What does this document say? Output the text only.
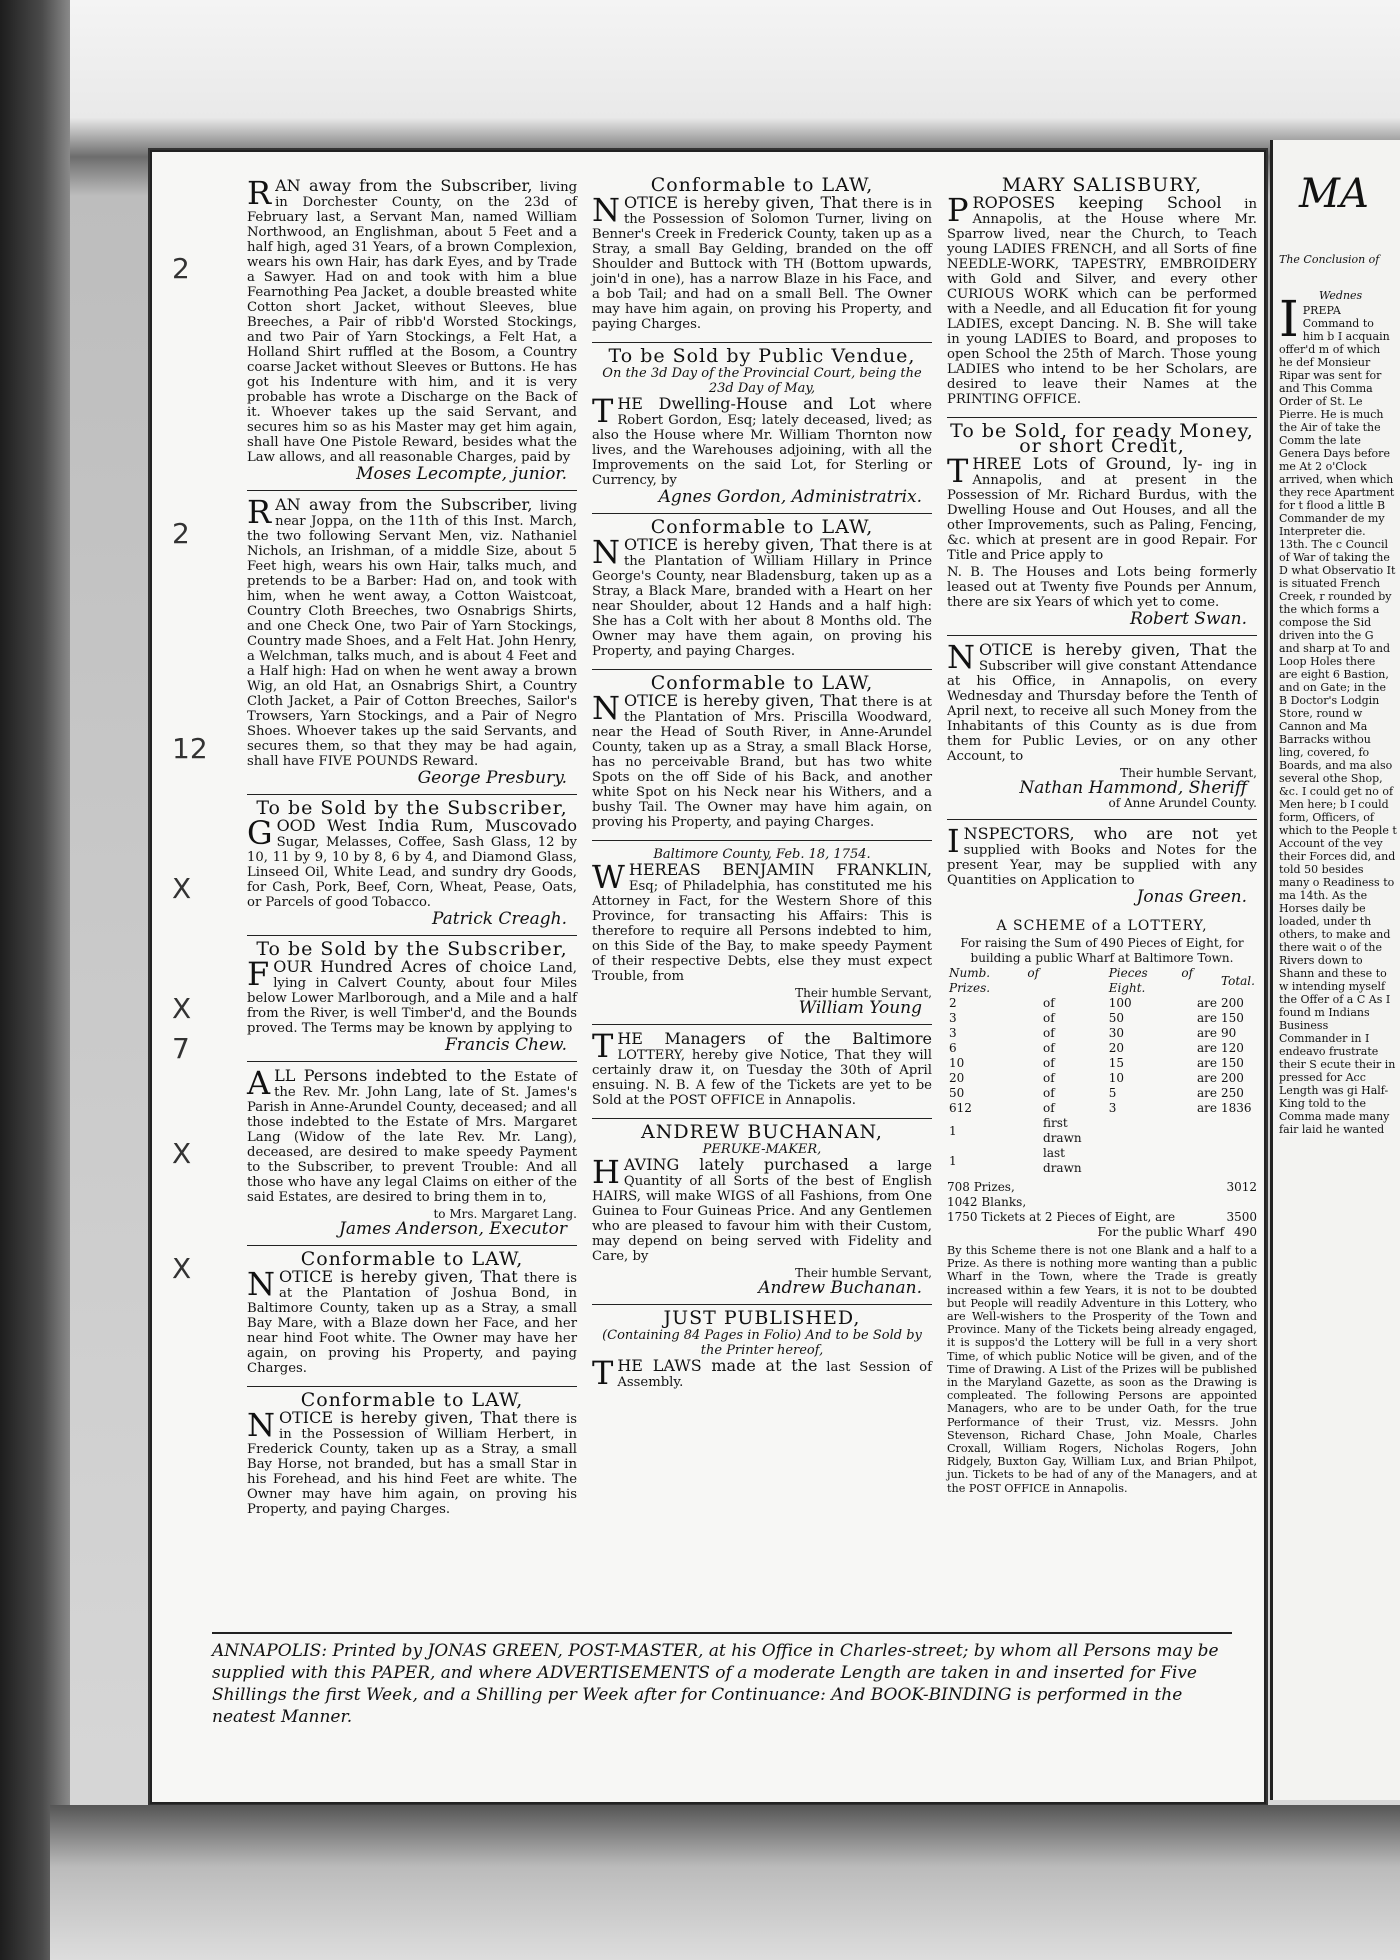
2
2
12
X
X
7
X
X

RAN away from the Subscriber, living in Dorchester County, on the 23d of February last, a Servant Man, named William Northwood, an Englishman, about 5 Feet and a half high, aged 31 Years, of a brown Complexion, wears his own Hair, has dark Eyes, and by Trade a Sawyer. Had on and took with him a blue Fearnothing Pea Jacket, a double breasted white Cotton short Jacket, without Sleeves, blue Breeches, a Pair of ribb'd Worsted Stockings, and two Pair of Yarn Stockings, a Felt Hat, a Holland Shirt ruffled at the Bosom, a Country coarse Jacket without Sleeves or Buttons. He has got his Indenture with him, and it is very probable has wrote a Discharge on the Back of it. Whoever takes up the said Servant, and secures him so as his Master may get him again, shall have One Pistole Reward, besides what the Law allows, and all reasonable Charges, paid by

Moses Lecompte, junior.

RAN away from the Subscriber, living near Joppa, on the 11th of this Inst. March, the two following Servant Men, viz. Nathaniel Nichols, an Irishman, of a middle Size, about 5 Feet high, wears his own Hair, talks much, and pretends to be a Barber: Had on, and took with him, when he went away, a Cotton Waistcoat, Country Cloth Breeches, two Osnabrigs Shirts, and one Check One, two Pair of Yarn Stockings, Country made Shoes, and a Felt Hat. John Henry, a Welchman, talks much, and is about 4 Feet and a Half high: Had on when he went away a brown Wig, an old Hat, an Osnabrigs Shirt, a Country Cloth Jacket, a Pair of Cotton Breeches, Sailor's Trowsers, Yarn Stockings, and a Pair of Negro Shoes. Whoever takes up the said Servants, and secures them, so that they may be had again, shall have FIVE POUNDS Reward.

George Presbury.
To be Sold by the Subscriber,

GOOD West India Rum, Muscovado Sugar, Melasses, Coffee, Sash Glass, 12 by 10, 11 by 9, 10 by 8, 6 by 4, and Diamond Glass, Linseed Oil, White Lead, and sundry dry Goods, for Cash, Pork, Beef, Corn, Wheat, Pease, Oats, or Parcels of good Tobacco.

Patrick Creagh.
To be Sold by the Subscriber,

FOUR Hundred Acres of choice Land, lying in Calvert County, about four Miles below Lower Marlborough, and a Mile and a half from the River, is well Timber'd, and the Bounds proved. The Terms may be known by applying to

Francis Chew.

ALL Persons indebted to the Estate of the Rev. Mr. John Lang, late of St. James's Parish in Anne-Arundel County, deceased; and all those indebted to the Estate of Mrs. Margaret Lang (Widow of the late Rev. Mr. Lang), deceased, are desired to make speedy Payment to the Subscriber, to prevent Trouble: And all those who have any legal Claims on either of the said Estates, are desired to bring them in to,

to Mrs. Margaret Lang.
James Anderson, Executor
Conformable to LAW,

NOTICE is hereby given, That there is at the Plantation of Joshua Bond, in Baltimore County, taken up as a Stray, a small Bay Mare, with a Blaze down her Face, and her near hind Foot white. The Owner may have her again, on proving his Property, and paying Charges.

Conformable to LAW,

NOTICE is hereby given, That there is in the Possession of William Herbert, in Frederick County, taken up as a Stray, a small Bay Horse, not branded, but has a small Star in his Forehead, and his hind Feet are white. The Owner may have him again, on proving his Property, and paying Charges.

Conformable to LAW,

NOTICE is hereby given, That there is in the Possession of Solomon Turner, living on Benner's Creek in Frederick County, taken up as a Stray, a small Bay Gelding, branded on the off Shoulder and Buttock with TH (Bottom upwards, join'd in one), has a narrow Blaze in his Face, and a bob Tail; and had on a small Bell. The Owner may have him again, on proving his Property, and paying Charges.

To be Sold by Public Vendue,
On the 3d Day of the Provincial Court, being the 23d Day of May,

THE Dwelling-House and Lot where Robert Gordon, Esq; lately deceased, lived; as also the House where Mr. William Thornton now lives, and the Warehouses adjoining, with all the Improvements on the said Lot, for Sterling or Currency, by

Agnes Gordon, Administratrix.
Conformable to LAW,

NOTICE is hereby given, That there is at the Plantation of William Hillary in Prince George's County, near Bladensburg, taken up as a Stray, a Black Mare, branded with a Heart on her near Shoulder, about 12 Hands and a half high: She has a Colt with her about 8 Months old. The Owner may have them again, on proving his Property, and paying Charges.

Conformable to LAW,

NOTICE is hereby given, That there is at the Plantation of Mrs. Priscilla Woodward, near the Head of South River, in Anne-Arundel County, taken up as a Stray, a small Black Horse, has no perceivable Brand, but has two white Spots on the off Side of his Back, and another white Spot on his Neck near his Withers, and a bushy Tail. The Owner may have him again, on proving his Property, and paying Charges.

Baltimore County, Feb. 18, 1754.

WHEREAS BENJAMIN FRANKLIN, Esq; of Philadelphia, has constituted me his Attorney in Fact, for the Western Shore of this Province, for transacting his Affairs: This is therefore to require all Persons indebted to him, on this Side of the Bay, to make speedy Payment of their respective Debts, else they must expect Trouble, from

Their humble Servant,
William Young

THE Managers of the Baltimore LOTTERY, hereby give Notice, That they will certainly draw it, on Tuesday the 30th of April ensuing. N. B. A few of the Tickets are yet to be Sold at the POST OFFICE in Annapolis.

ANDREW BUCHANAN,
PERUKE-MAKER,

HAVING lately purchased a large Quantity of all Sorts of the best of English HAIRS, will make WIGS of all Fashions, from One Guinea to Four Guineas Price. And any Gentlemen who are pleased to favour him with their Custom, may depend on being served with Fidelity and Care, by

Their humble Servant,
Andrew Buchanan.
JUST PUBLISHED,
(Containing 84 Pages in Folio) And to be Sold by the Printer hereof,

THE LAWS made at the last Session of Assembly.

MARY SALISBURY,

PROPOSES keeping School in Annapolis, at the House where Mr. Sparrow lived, near the Church, to Teach young LADIES FRENCH, and all Sorts of fine NEEDLE-WORK, TAPESTRY, EMBROIDERY with Gold and Silver, and every other CURIOUS WORK which can be performed with a Needle, and all Education fit for young LADIES, except Dancing. N. B. She will take in young LADIES to Board, and proposes to open School the 25th of March. Those young LADIES who intend to be her Scholars, are desired to leave their Names at the PRINTING OFFICE.

To be Sold, for ready Money, or short Credit,

THREE Lots of Ground, ly- ing in Annapolis, and at present in the Possession of Mr. Richard Burdus, with the Dwelling House and Out Houses, and all the other Improvements, such as Paling, Fencing, &c. which at present are in good Repair. For Title and Price apply to

N. B. The Houses and Lots being formerly leased out at Twenty five Pounds per Annum, there are six Years of which yet to come.

Robert Swan.

NOTICE is hereby given, That the Subscriber will give constant Attendance at his Office, in Annapolis, on every Wednesday and Thursday before the Tenth of April next, to receive all such Money from the Inhabitants of this County as is due from them for Public Levies, or on any other Account, to

Their humble Servant,
Nathan Hammond, Sheriff
of Anne Arundel County.

INSPECTORS, who are not yet supplied with Books and Notes for the present Year, may be supplied with any Quantities on Application to

Jonas Green.
A SCHEME of a LOTTERY,
For raising the Sum of 490 Pieces of Eight, for building a public Wharf at Baltimore Town.
Numb. of Prizes.		Pieces of Eight.		Total.
2	of	100	are	200
3	of	50	are	150
3	of	30	are	90
6	of	20	are	120
10	of	15	are	150
20	of	10	are	200
50	of	5	are	250
612	of	3	are	1836
1	first drawn			
1	last drawn			
708 Prizes,	3012
1042 Blanks,
1750 Tickets at 2 Pieces of Eight, are	3500
For the public Wharf 490
By this Scheme there is not one Blank and a half to a Prize. As there is nothing more wanting than a public Wharf in the Town, where the Trade is greatly increased within a few Years, it is not to be doubted but People will readily Adventure in this Lottery, who are Well-wishers to the Prosperity of the Town and Province. Many of the Tickets being already engaged, it is suppos'd the Lottery will be full in a very short Time, of which public Notice will be given, and of the Time of Drawing. A List of the Prizes will be published in the Maryland Gazette, as soon as the Drawing is compleated. The following Persons are appointed Managers, who are to be under Oath, for the true Performance of their Trust, viz. Messrs. John Stevenson, Richard Chase, John Moale, Charles Croxall, William Rogers, Nicholas Rogers, John Ridgely, Buxton Gay, William Lux, and Brian Philpot, jun. Tickets to be had of any of the Managers, and at the POST OFFICE in Annapolis.
ANNAPOLIS: Printed by JONAS GREEN, POST-MASTER, at his Office in Charles-street; by whom all Persons may be supplied with this PAPER, and where ADVERTISEMENTS of a moderate Length are taken in and inserted for Five Shillings the first Week, and a Shilling per Week after for Continuance: And BOOK-BINDING is performed in the neatest Manner.
MA
The Conclusion of
Wednes
I PREPA Command to him b I acquain offer'd m of which he def Monsieur Ripar was sent for and This Comma Order of St. Le Pierre. He is much the Air of take the Comm the late Genera Days before me At 2 o'Clock arrived, when which they rece Apartment for t flood a little B Commander de my Interpreter die. 13th. The c Council of War of taking the D what Observatio It is situated French Creek, r rounded by the which forms a compose the Sid driven into the G and sharp at To and Loop Holes there are eight 6 Bastion, and on Gate; in the B Doctor's Lodgin Store, round w Cannon and Ma Barracks withou ling, covered, fo Boards, and ma also several othe Shop, &c. I could get no of Men here; b I could form, Officers, of which to the People t Account of the vey their Forces did, and told 50 besides many o Readiness to ma 14th. As the Horses daily be loaded, under th others, to make and there wait o of the Rivers down to Shann and these to w intending myself the Offer of a C As I found m Indians Business Commander in I endeavo frustrate their S ecute their in pressed for Acc Length was gi Half-King told to the Comma made many fair laid he wanted
